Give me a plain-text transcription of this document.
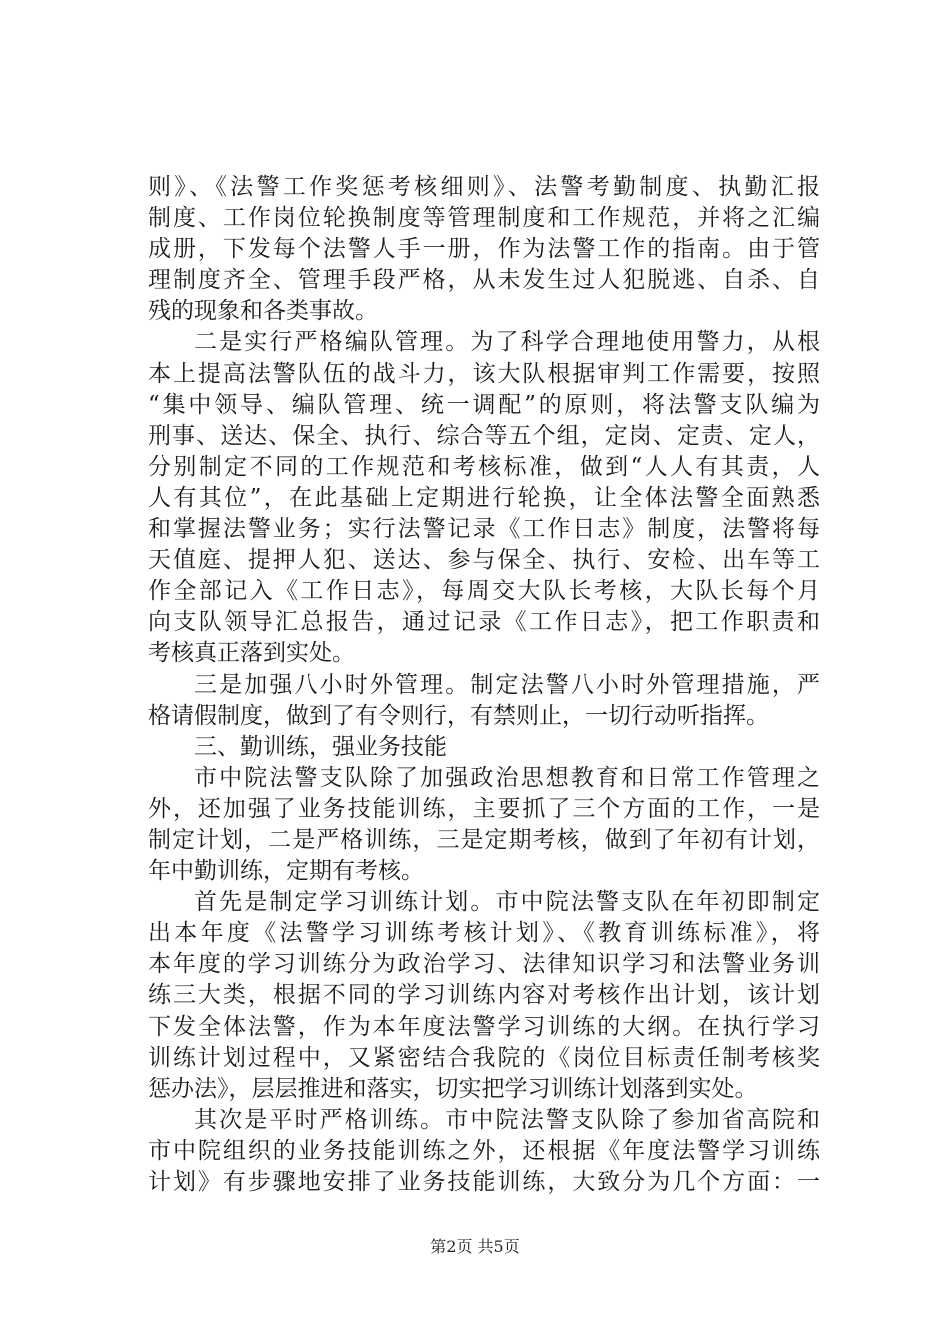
则》、《法警工作奖惩考核细则》、法警考勤制度、执勤汇报
制度、工作岗位轮换制度等管理制度和工作规范，并将之汇编
成册，下发每个法警人手一册，作为法警工作的指南。由于管
理制度齐全、管理手段严格，从未发生过人犯脱逃、自杀、自
残的现象和各类事故。
二是实行严格编队管理。为了科学合理地使用警力，从根
本上提高法警队伍的战斗力，该大队根据审判工作需要，按照
“集中领导、编队管理、统一调配”的原则，将法警支队编为
刑事、送达、保全、执行、综合等五个组，定岗、定责、定人，
分别制定不同的工作规范和考核标准，做到“人人有其责，人
人有其位”，在此基础上定期进行轮换，让全体法警全面熟悉
和掌握法警业务；实行法警记录《工作日志》制度，法警将每
天值庭、提押人犯、送达、参与保全、执行、安检、出车等工
作全部记入《工作日志》，每周交大队长考核，大队长每个月
向支队领导汇总报告，通过记录《工作日志》，把工作职责和
考核真正落到实处。
三是加强八小时外管理。制定法警八小时外管理措施，严
格请假制度，做到了有令则行，有禁则止，一切行动听指挥。
三、勤训练，强业务技能
市中院法警支队除了加强政治思想教育和日常工作管理之
外，还加强了业务技能训练，主要抓了三个方面的工作，一是
制定计划，二是严格训练，三是定期考核，做到了年初有计划，
年中勤训练，定期有考核。
首先是制定学习训练计划。市中院法警支队在年初即制定
出本年度《法警学习训练考核计划》、《教育训练标准》，将
本年度的学习训练分为政治学习、法律知识学习和法警业务训
练三大类，根据不同的学习训练内容对考核作出计划，该计划
下发全体法警，作为本年度法警学习训练的大纲。在执行学习
训练计划过程中，又紧密结合我院的《岗位目标责任制考核奖
惩办法》，层层推进和落实，切实把学习训练计划落到实处。
其次是平时严格训练。市中院法警支队除了参加省高院和
市中院组织的业务技能训练之外，还根据《年度法警学习训练
计划》有步骤地安排了业务技能训练，大致分为几个方面：一
第2页 共5页
